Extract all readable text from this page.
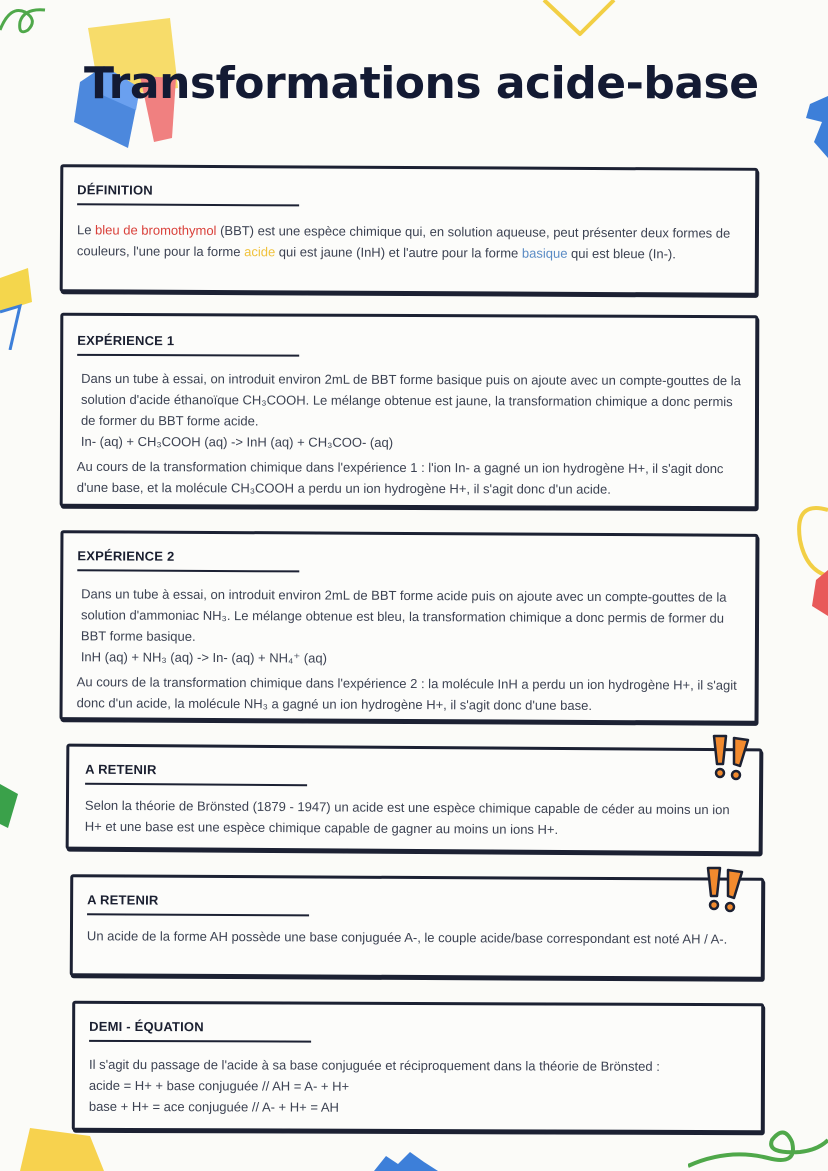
Transformations acide-base
DÉFINITION

Le bleu de bromothymol (BBT) est une espèce chimique qui, en solution aqueuse, peut présenter deux formes de couleurs, l'une pour la forme acide qui est jaune (InH) et l'autre pour la forme basique qui est bleue (In-).

EXPÉRIENCE 1

Dans un tube à essai, on introduit environ 2mL de BBT forme basique puis on ajoute avec un compte-gouttes de la solution d'acide éthanoïque CH₃COOH. Le mélange obtenue est jaune, la transformation chimique a donc permis de former du BBT forme acide.

In- (aq) + CH₃COOH (aq) -> InH (aq) + CH₃COO- (aq)

Au cours de la transformation chimique dans l'expérience 1 : l'ion In- a gagné un ion hydrogène H+, il s'agit donc d'une base, et la molécule CH₃COOH a perdu un ion hydrogène H+, il s'agit donc d'un acide.

EXPÉRIENCE 2

Dans un tube à essai, on introduit environ 2mL de BBT forme acide puis on ajoute avec un compte-gouttes de la solution d'ammoniac NH₃. Le mélange obtenue est bleu, la transformation chimique a donc permis de former du BBT forme basique.

InH (aq) + NH₃ (aq) -> In- (aq) + NH₄⁺ (aq)

Au cours de la transformation chimique dans l'expérience 2 : la molécule InH a perdu un ion hydrogène H+, il s'agit donc d'un acide, la molécule NH₃ a gagné un ion hydrogène H+, il s'agit donc d'une base.

A RETENIR

Selon la théorie de Brönsted (1879 - 1947) un acide est une espèce chimique capable de céder au moins un ion H+ et une base est une espèce chimique capable de gagner au moins un ions H+.

A RETENIR

Un acide de la forme AH possède une base conjuguée A-, le couple acide/base correspondant est noté AH / A-.

DEMI - ÉQUATION

Il s'agit du passage de l'acide à sa base conjuguée et réciproquement dans la théorie de Brönsted :

acide = H+ + base conjuguée // AH = A- + H+

base + H+ = ace conjuguée // A- + H+ = AH
